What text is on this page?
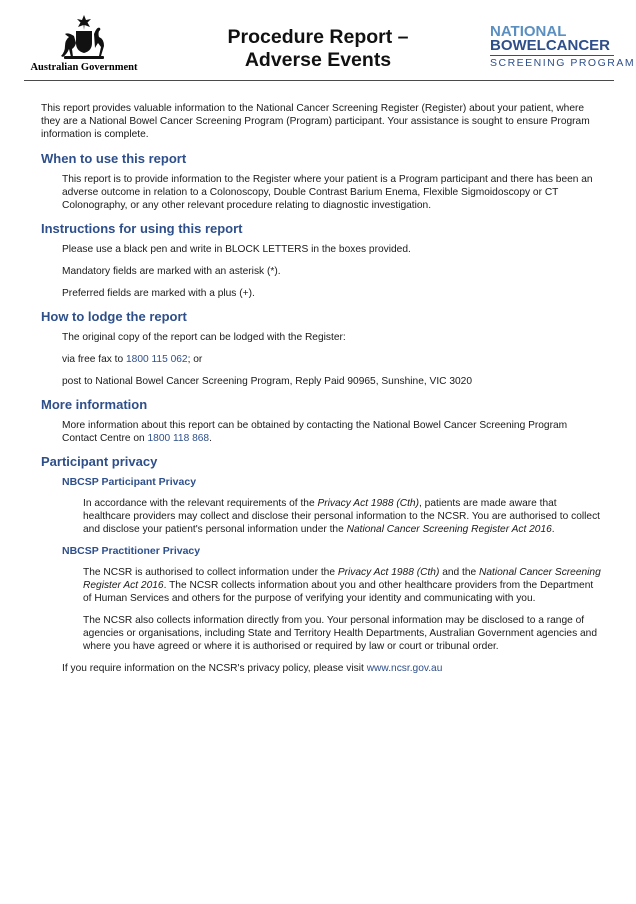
Australian Government
Procedure Report –
Adverse Events
NATIONAL
BOWELCANCER
SCREENING PROGRAM

This report provides valuable information to the National Cancer Screening Register (Register) about your patient, where they are a National Bowel Cancer Screening Program (Program) participant. Your assistance is sought to ensure Program information is complete.

When to use this report

This report is to provide information to the Register where your patient is a Program participant and there has been an adverse outcome in relation to a Colonoscopy, Double Contrast Barium Enema, Flexible Sigmoidoscopy or CT Colonography, or any other relevant procedure relating to diagnostic investigation.

Instructions for using this report

Please use a black pen and write in BLOCK LETTERS in the boxes provided.

Mandatory fields are marked with an asterisk (*).

Preferred fields are marked with a plus (+).

How to lodge the report

The original copy of the report can be lodged with the Register:

via free fax to 1800 115 062; or

post to National Bowel Cancer Screening Program, Reply Paid 90965, Sunshine, VIC 3020

More information

More information about this report can be obtained by contacting the National Bowel Cancer Screening Program Contact Centre on 1800 118 868.

Participant privacy
NBCSP Participant Privacy

In accordance with the relevant requirements of the Privacy Act 1988 (Cth), patients are made aware that healthcare providers may collect and disclose their personal information to the NCSR. You are authorised to collect and disclose your patient's personal information under the National Cancer Screening Register Act 2016.

NBCSP Practitioner Privacy

The NCSR is authorised to collect information under the Privacy Act 1988 (Cth) and the National Cancer Screening Register Act 2016. The NCSR collects information about you and other healthcare providers from the Department of Human Services and others for the purpose of verifying your identity and communicating with you.

The NCSR also collects information directly from you. Your personal information may be disclosed to a range of agencies or organisations, including State and Territory Health Departments, Australian Government agencies and where you have agreed or where it is authorised or required by law or court or tribunal order.

If you require information on the NCSR's privacy policy, please visit www.ncsr.gov.au
